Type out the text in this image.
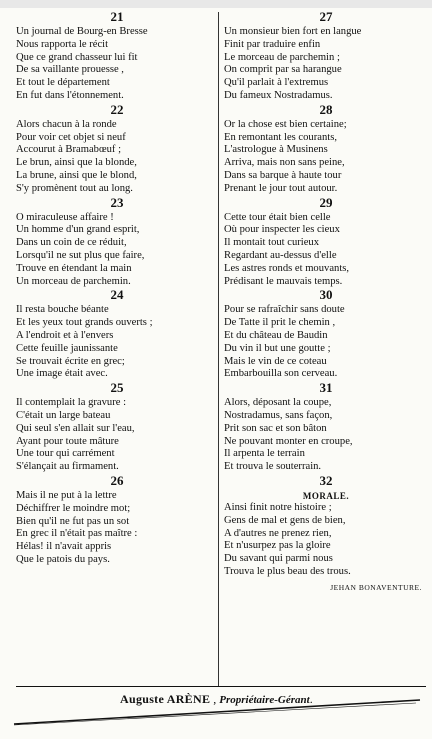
21
Un journal de Bourg-en Bresse
Nous rapporta le récit
Que ce grand chasseur lui fit
De sa vaillante prouesse ,
Et tout le département
En fut dans l'étonnement.
22
Alors chacun à la ronde
Pour voir cet objet si neuf
Accourut à Bramabœuf ;
Le brun, ainsi que la blonde,
La brune, ainsi que le blond,
S'y promènent tout au long.
23
O miraculeuse affaire !
Un homme d'un grand esprit,
Dans un coin de ce réduit,
Lorsqu'il ne sut plus que faire,
Trouve en étendant la main
Un morceau de parchemin.
24
Il resta bouche béante
Et les yeux tout grands ouverts ;
A l'endroit et à l'envers
Cette feuille jaunissante
Se trouvait écrite en grec;
Une image était avec.
25
Il contemplait la gravure :
C'était un large bateau
Qui seul s'en allait sur l'eau,
Ayant pour toute mâture
Une tour qui carrément
S'élançait au firmament.
26
Mais il ne put à la lettre
Déchiffrer le moindre mot;
Bien qu'il ne fut pas un sot
En grec il n'était pas maître :
Hélas! il n'avait appris
Que le patois du pays.
27
Un monsieur bien fort en langue
Finit par traduire enfin
Le morceau de parchemin ;
On comprit par sa harangue
Qu'il parlait à l'extremus
Du fameux Nostradamus.
28
Or la chose est bien certaine;
En remontant les courants,
L'astrologue à Musinens
Arriva, mais non sans peine,
Dans sa barque à haute tour
Prenant le jour tout autour.
29
Cette tour était bien celle
Où pour inspecter les cieux
Il montait tout curieux
Regardant au-dessus d'elle
Les astres ronds et mouvants,
Prédisant le mauvais temps.
30
Pour se rafraîchir sans doute
De Tatte il prit le chemin ,
Et du château de Baudin
Du vin il but une goutte ;
Mais le vin de ce coteau
Embarbouilla son cerveau.
31
Alors, déposant la coupe,
Nostradamus, sans façon,
Prit son sac et son bâton
Ne pouvant monter en croupe,
Il arpenta le terrain
Et trouva le souterrain.
32
MORALE.
Ainsi finit notre histoire ;
Gens de mal et gens de bien,
A d'autres ne prenez rien,
Et n'usurpez pas la gloire
Du savant qui parmi nous
Trouva le plus beau des trous.
JEHAN BONAVENTURE.
Auguste ARÈNE , Propriétaire-Gérant.
